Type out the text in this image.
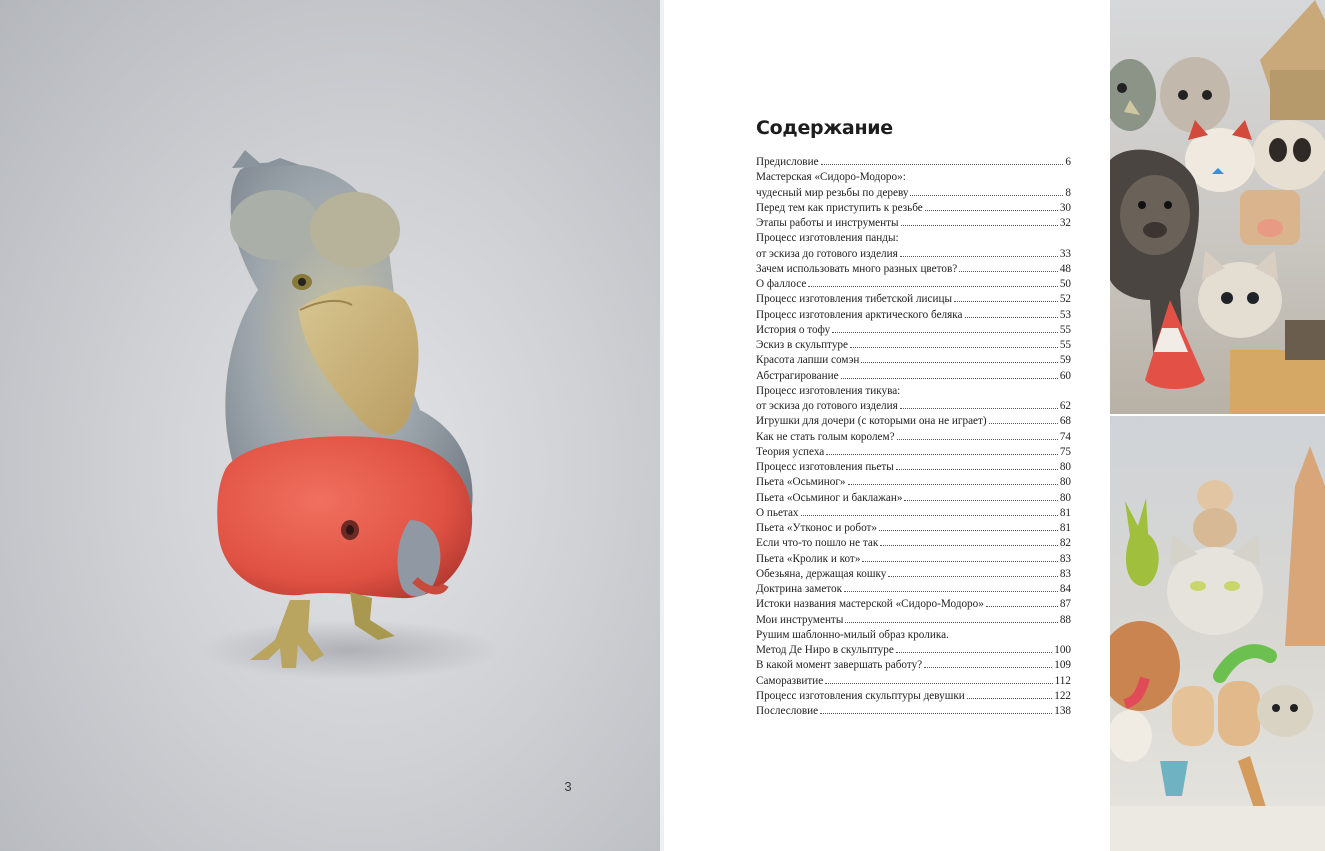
3
Содержание
Предисловие	6
Мастерская «Сидоро-Модоро»:
чудесный мир резьбы по дереву	8
Перед тем как приступить к резьбе	30
Этапы работы и инструменты	32
Процесс изготовления панды:
от эскиза до готового изделия	33
Зачем использовать много разных цветов?	48
О фаллосе	50
Процесс изготовления тибетской лисицы	52
Процесс изготовления арктического беляка	53
История о тофу	55
Эскиз в скульптуре	55
Красота лапши сомэн	59
Абстрагирование	60
Процесс изготовления тикува:
от эскиза до готового изделия	62
Игрушки для дочери (с которыми она не играет)	68
Как не стать голым королем?	74
Теория успеха	75
Процесс изготовления пьеты	80
Пьета «Осьминог»	80
Пьета «Осьминог и баклажан»	80
О пьетах	81
Пьета «Утконос и робот»	81
Если что-то пошло не так	82
Пьета «Кролик и кот»	83
Обезьяна, держащая кошку	83
Доктрина заметок	84
Истоки названия мастерской «Сидоро-Модоро»	87
Мои инструменты	88
Рушим шаблонно-милый образ кролика.
Метод Де Ниро в скульптуре	100
В какой момент завершать работу?	109
Саморазвитие	112
Процесс изготовления скульптуры девушки	122
Послесловие	138
